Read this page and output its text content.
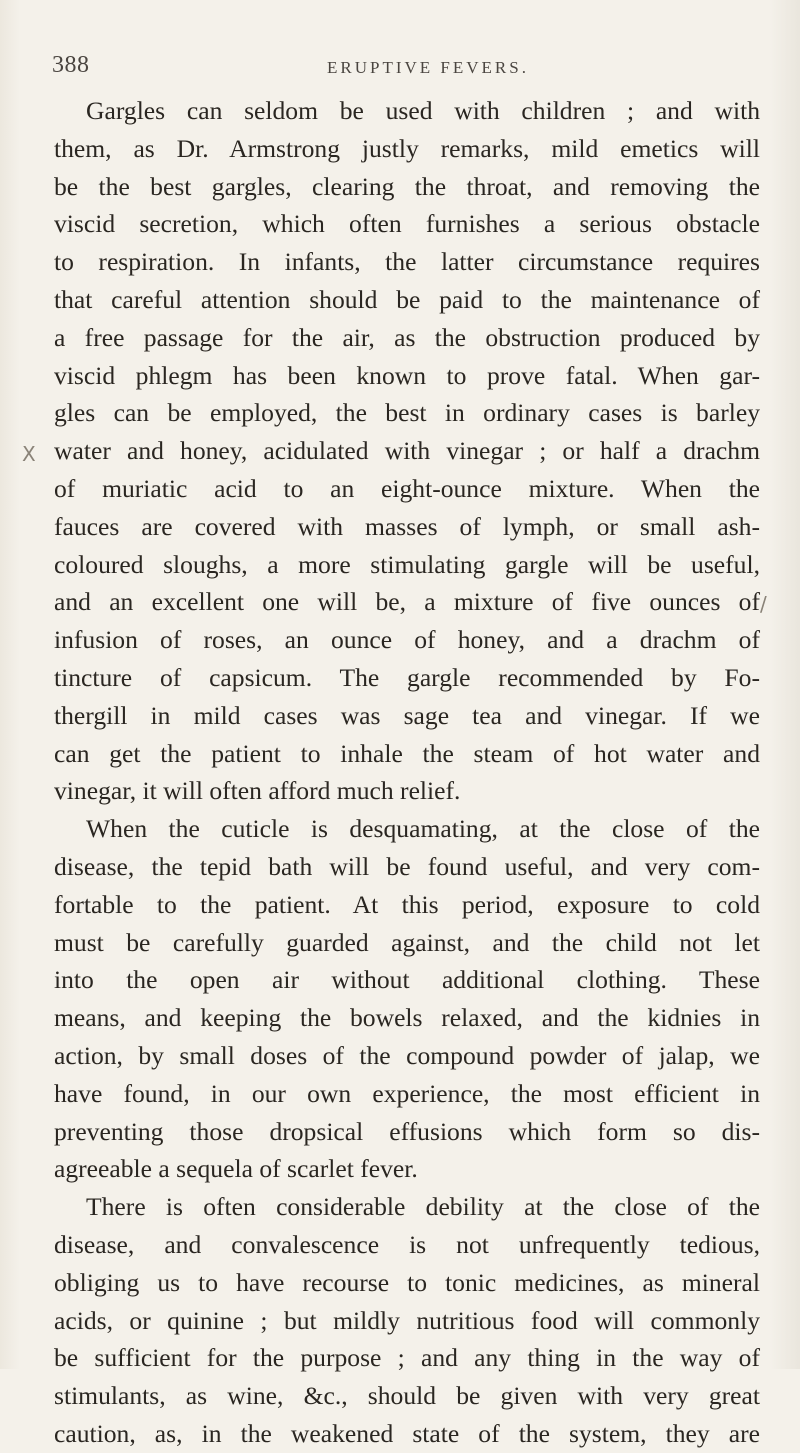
388	ERUPTIVE FEVERS.
X
/
Gargles can seldom be used with children ; and with
them, as Dr. Armstrong justly remarks, mild emetics will
be the best gargles, clearing the throat, and removing the
viscid secretion, which often furnishes a serious obstacle
to respiration. In infants, the latter circumstance requires
that careful attention should be paid to the maintenance of
a free passage for the air, as the obstruction produced by
viscid phlegm has been known to prove fatal. When gar-
gles can be employed, the best in ordinary cases is barley
water and honey, acidulated with vinegar ; or half a drachm
of muriatic acid to an eight-ounce mixture. When the
fauces are covered with masses of lymph, or small ash-
coloured sloughs, a more stimulating gargle will be useful,
and an excellent one will be, a mixture of five ounces of
infusion of roses, an ounce of honey, and a drachm of
tincture of capsicum. The gargle recommended by Fo-
thergill in mild cases was sage tea and vinegar. If we
can get the patient to inhale the steam of hot water and
vinegar, it will often afford much relief.
When the cuticle is desquamating, at the close of the
disease, the tepid bath will be found useful, and very com-
fortable to the patient. At this period, exposure to cold
must be carefully guarded against, and the child not let
into the open air without additional clothing. These
means, and keeping the bowels relaxed, and the kidnies in
action, by small doses of the compound powder of jalap, we
have found, in our own experience, the most efficient in
preventing those dropsical effusions which form so dis-
agreeable a sequela of scarlet fever.
There is often considerable debility at the close of the
disease, and convalescence is not unfrequently tedious,
obliging us to have recourse to tonic medicines, as mineral
acids, or quinine ; but mildly nutritious food will commonly
be sufficient for the purpose ; and any thing in the way of
stimulants, as wine, &c., should be given with very great
caution, as, in the weakened state of the system, they are
